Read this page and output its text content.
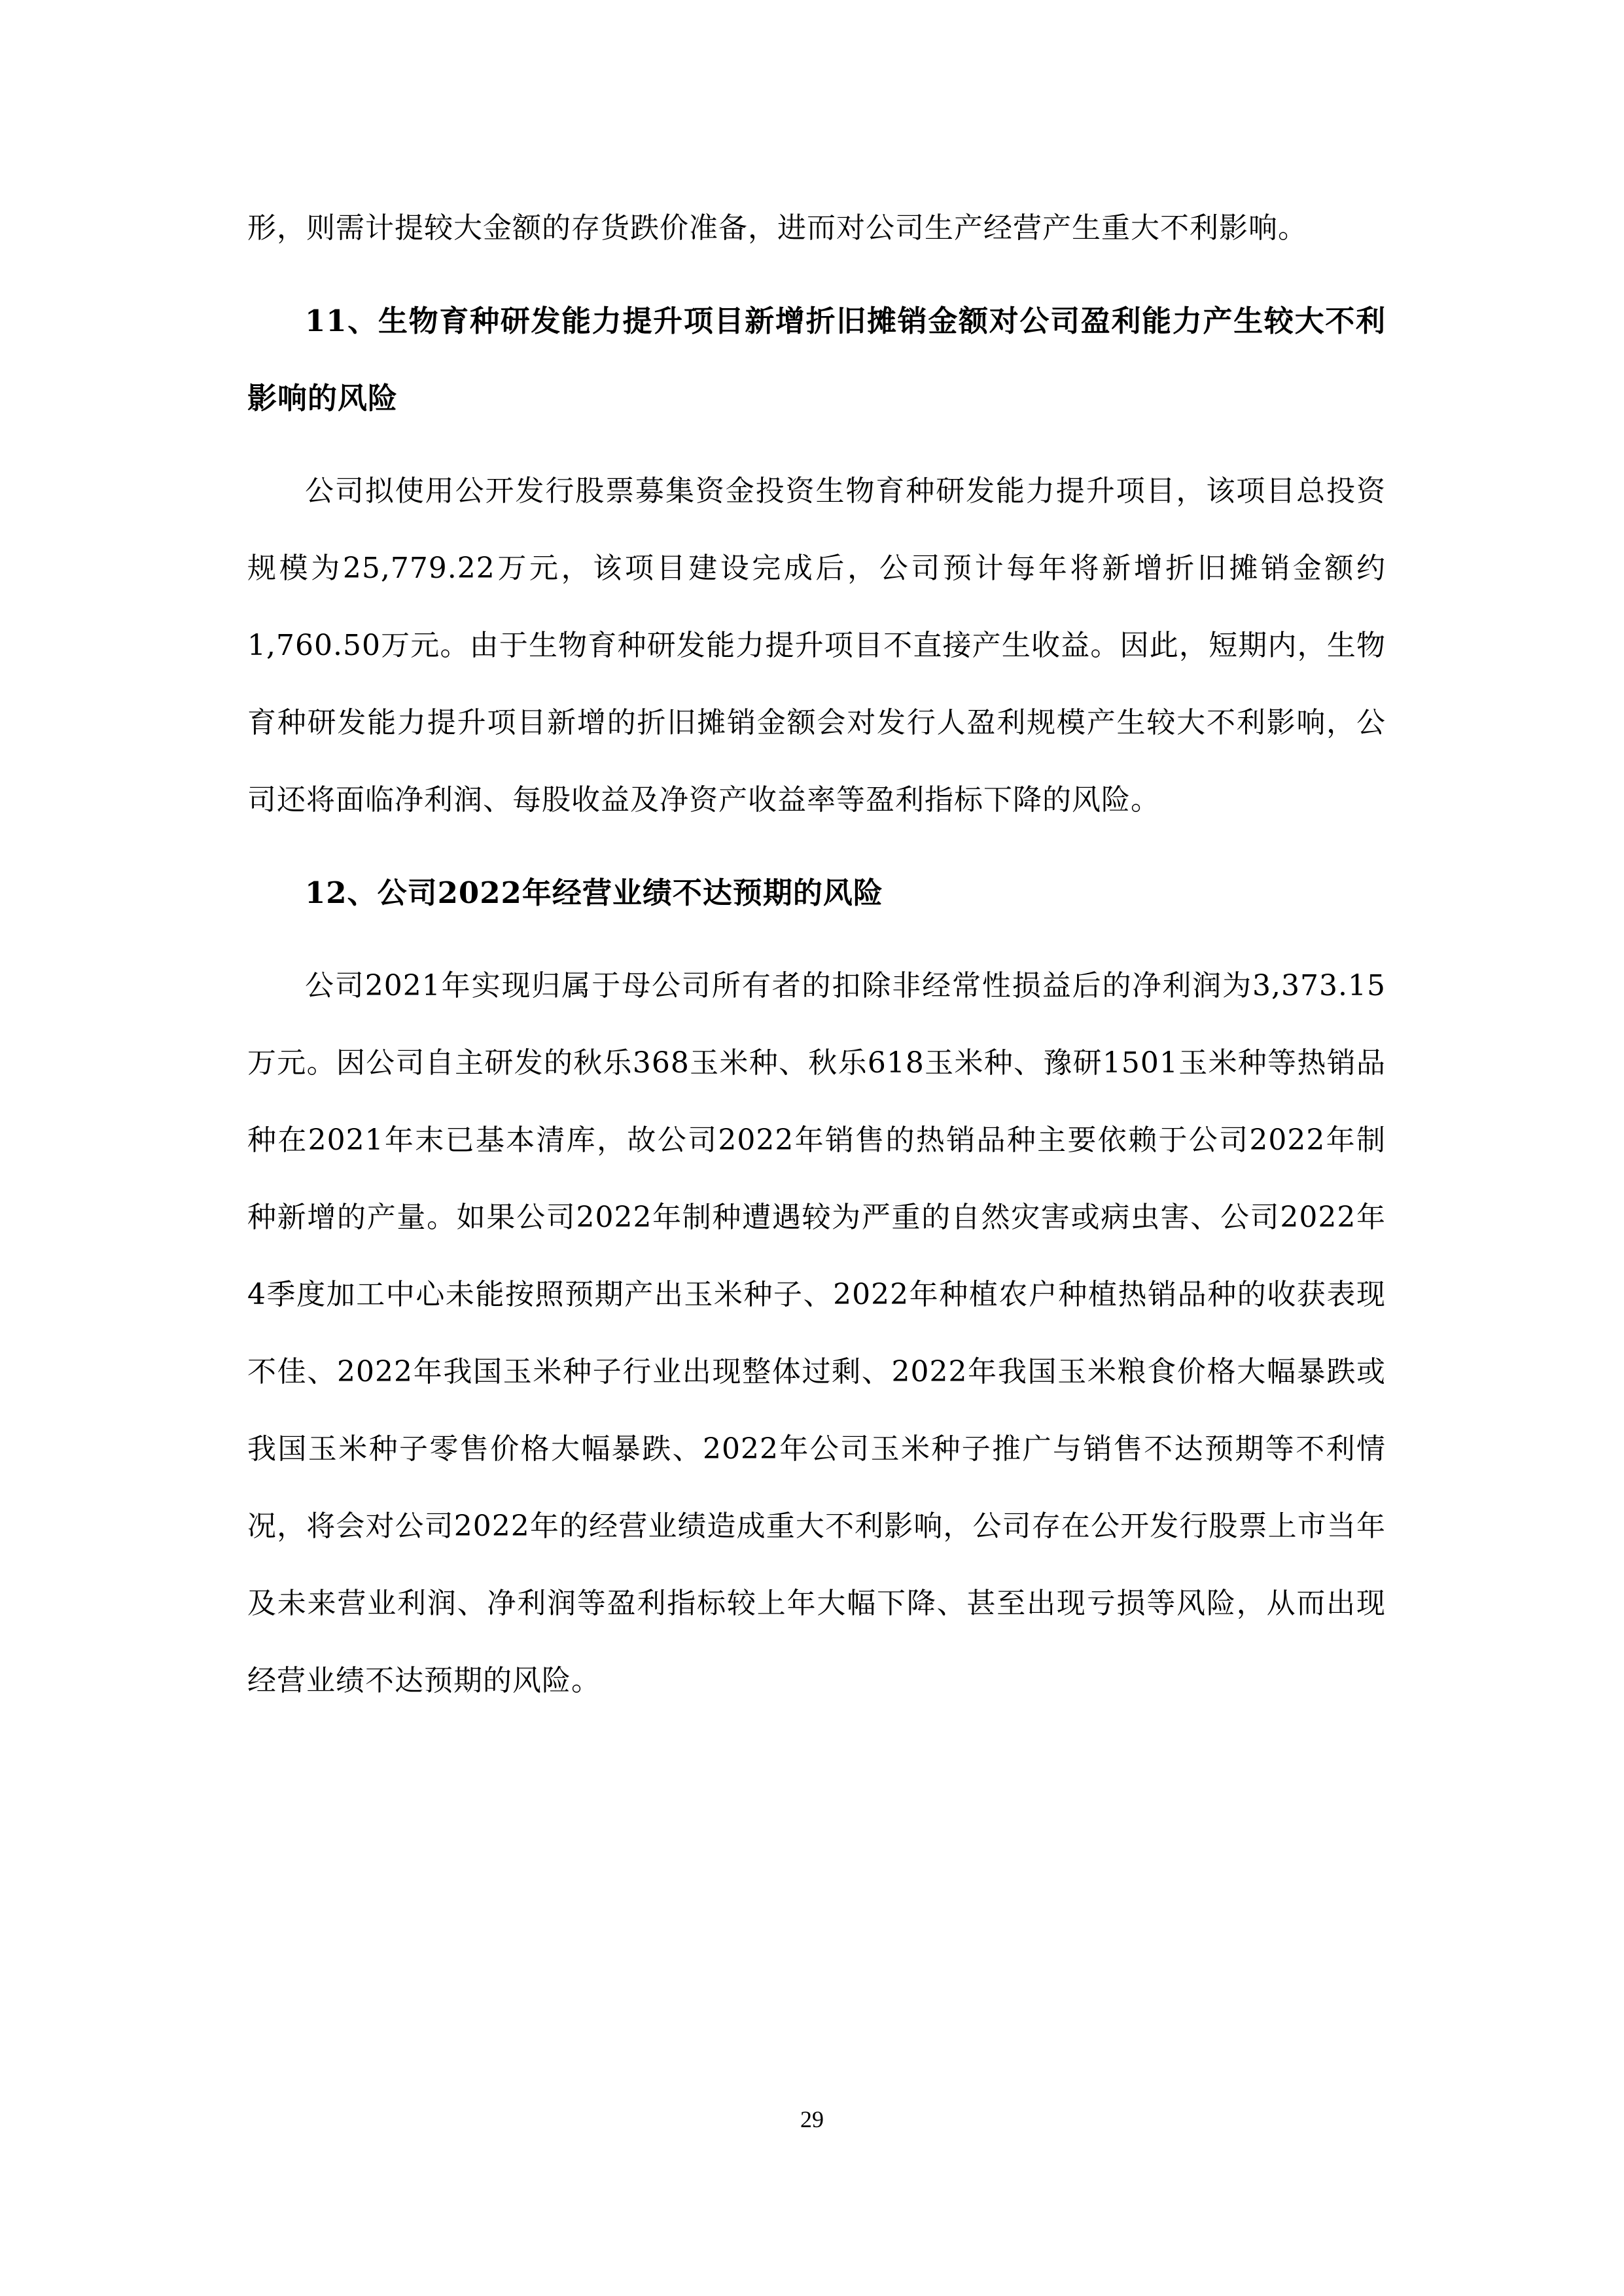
形，则需计提较大金额的存货跌价准备，进而对公司生产经营产生重大不利影响。

11、生物育种研发能力提升项目新增折旧摊销金额对公司盈利能力产生较大不利影响的风险

公司拟使用公开发行股票募集资金投资生物育种研发能力提升项目，该项目总投资规模为25,779.22万元，该项目建设完成后，公司预计每年将新增折旧摊销金额约1,760.50万元。由于生物育种研发能力提升项目不直接产生收益。因此，短期内，生物育种研发能力提升项目新增的折旧摊销金额会对发行人盈利规模产生较大不利影响，公司还将面临净利润、每股收益及净资产收益率等盈利指标下降的风险。

12、公司2022年经营业绩不达预期的风险

公司2021年实现归属于母公司所有者的扣除非经常性损益后的净利润为3,373.15万元。因公司自主研发的秋乐368玉米种、秋乐618玉米种、豫研1501玉米种等热销品种在2021年末已基本清库，故公司2022年销售的热销品种主要依赖于公司2022年制种新增的产量。如果公司2022年制种遭遇较为严重的自然灾害或病虫害、公司2022年4季度加工中心未能按照预期产出玉米种子、2022年种植农户种植热销品种的收获表现不佳、2022年我国玉米种子行业出现整体过剩、2022年我国玉米粮食价格大幅暴跌或我国玉米种子零售价格大幅暴跌、2022年公司玉米种子推广与销售不达预期等不利情况，将会对公司2022年的经营业绩造成重大不利影响，公司存在公开发行股票上市当年及未来营业利润、净利润等盈利指标较上年大幅下降、甚至出现亏损等风险，从而出现经营业绩不达预期的风险。

29
